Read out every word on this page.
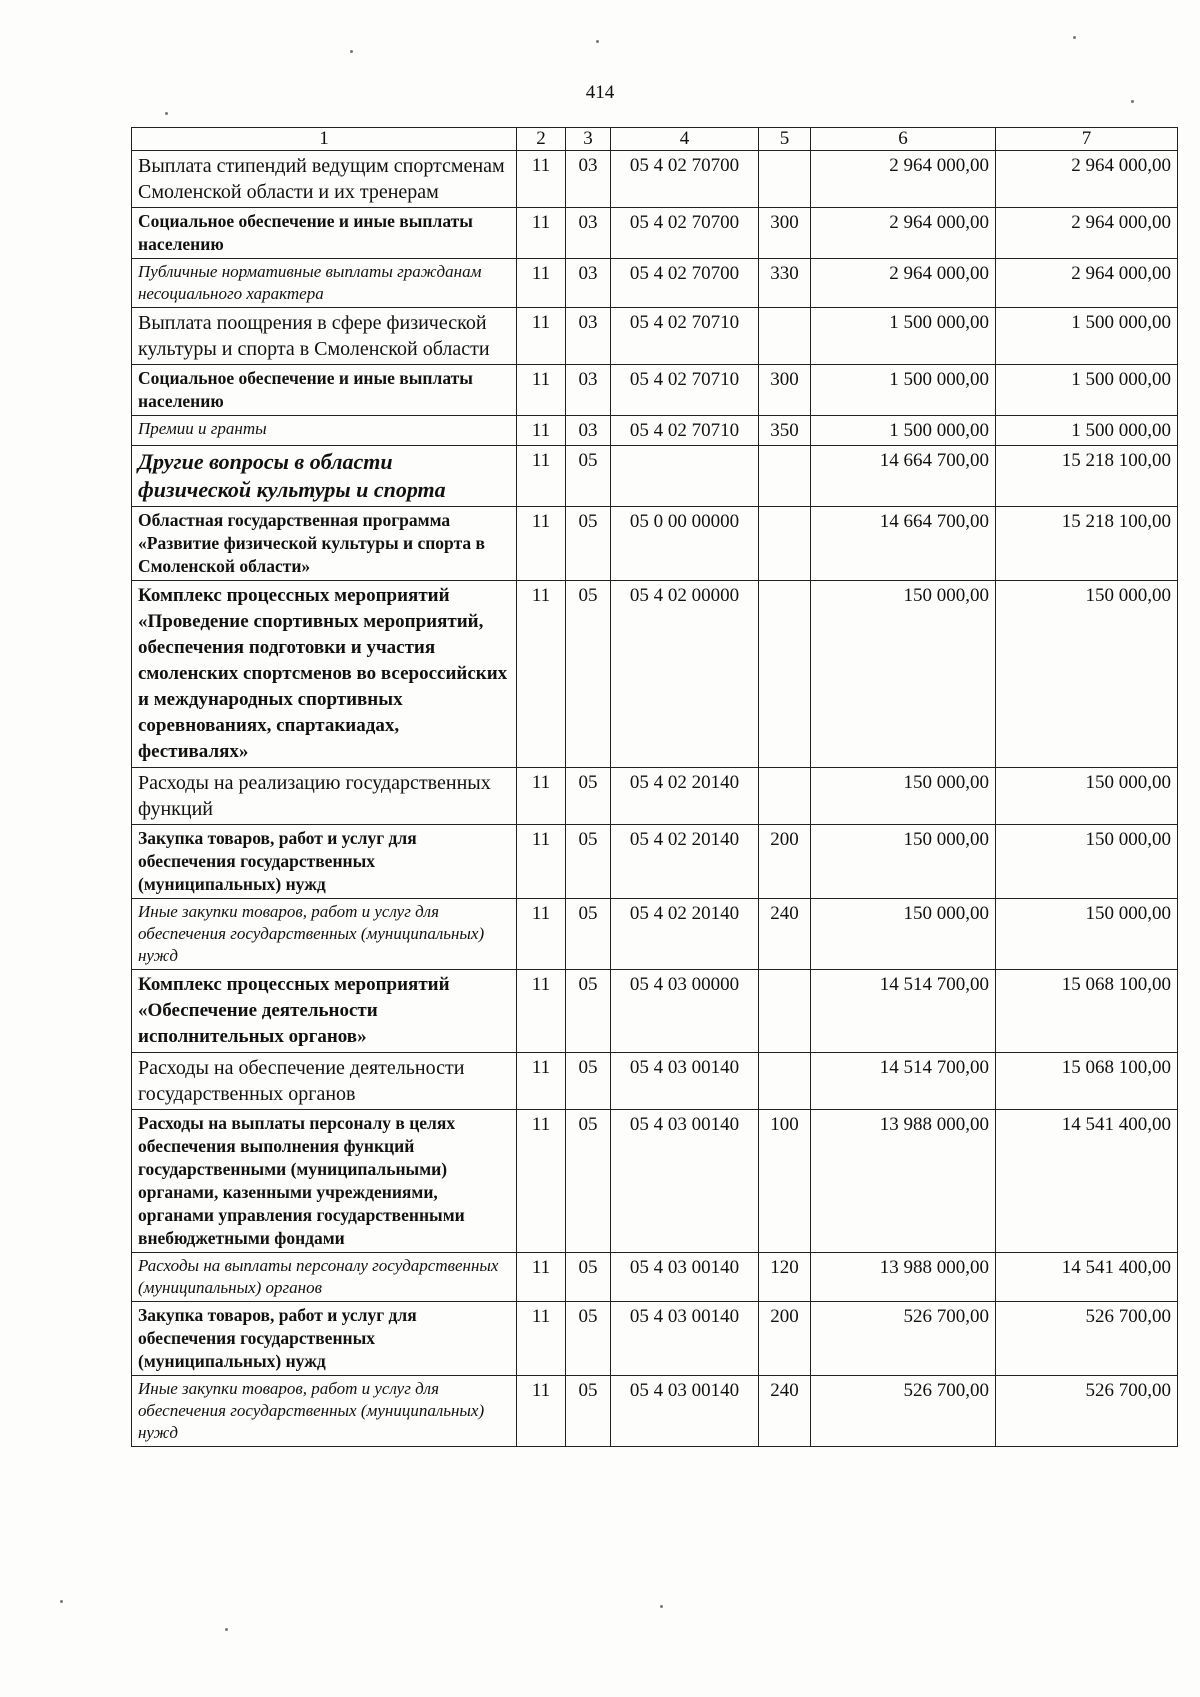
414
1	2	3	4	5	6	7
Выплата стипендий ведущим спортсменам Смоленской области и их тренерам	11	03	05 4 02 70700		2 964 000,00	2 964 000,00
Социальное обеспечение и иные выплаты населению	11	03	05 4 02 70700	300	2 964 000,00	2 964 000,00
Публичные нормативные выплаты гражданам несоциального характера	11	03	05 4 02 70700	330	2 964 000,00	2 964 000,00
Выплата поощрения в сфере физической культуры и спорта в Смоленской области	11	03	05 4 02 70710		1 500 000,00	1 500 000,00
Социальное обеспечение и иные выплаты населению	11	03	05 4 02 70710	300	1 500 000,00	1 500 000,00
Премии и гранты	11	03	05 4 02 70710	350	1 500 000,00	1 500 000,00
Другие вопросы в области физической культуры и спорта	11	05			14 664 700,00	15 218 100,00
Областная государственная программа «Развитие физической культуры и спорта в Смоленской области»	11	05	05 0 00 00000		14 664 700,00	15 218 100,00
Комплекс процессных мероприятий «Проведение спортивных мероприятий, обеспечения подготовки и участия смоленских спортсменов во всероссийских и международных спортивных соревнованиях, спартакиадах, фестивалях»	11	05	05 4 02 00000		150 000,00	150 000,00
Расходы на реализацию государственных функций	11	05	05 4 02 20140		150 000,00	150 000,00
Закупка товаров, работ и услуг для обеспечения государственных (муниципальных) нужд	11	05	05 4 02 20140	200	150 000,00	150 000,00
Иные закупки товаров, работ и услуг для обеспечения государственных (муниципальных) нужд	11	05	05 4 02 20140	240	150 000,00	150 000,00
Комплекс процессных мероприятий «Обеспечение деятельности исполнительных органов»	11	05	05 4 03 00000		14 514 700,00	15 068 100,00
Расходы на обеспечение деятельности государственных органов	11	05	05 4 03 00140		14 514 700,00	15 068 100,00
Расходы на выплаты персоналу в целях обеспечения выполнения функций государственными (муниципальными) органами, казенными учреждениями, органами управления государственными внебюджетными фондами	11	05	05 4 03 00140	100	13 988 000,00	14 541 400,00
Расходы на выплаты персоналу государственных (муниципальных) органов	11	05	05 4 03 00140	120	13 988 000,00	14 541 400,00
Закупка товаров, работ и услуг для обеспечения государственных (муниципальных) нужд	11	05	05 4 03 00140	200	526 700,00	526 700,00
Иные закупки товаров, работ и услуг для обеспечения государственных (муниципальных) нужд	11	05	05 4 03 00140	240	526 700,00	526 700,00
